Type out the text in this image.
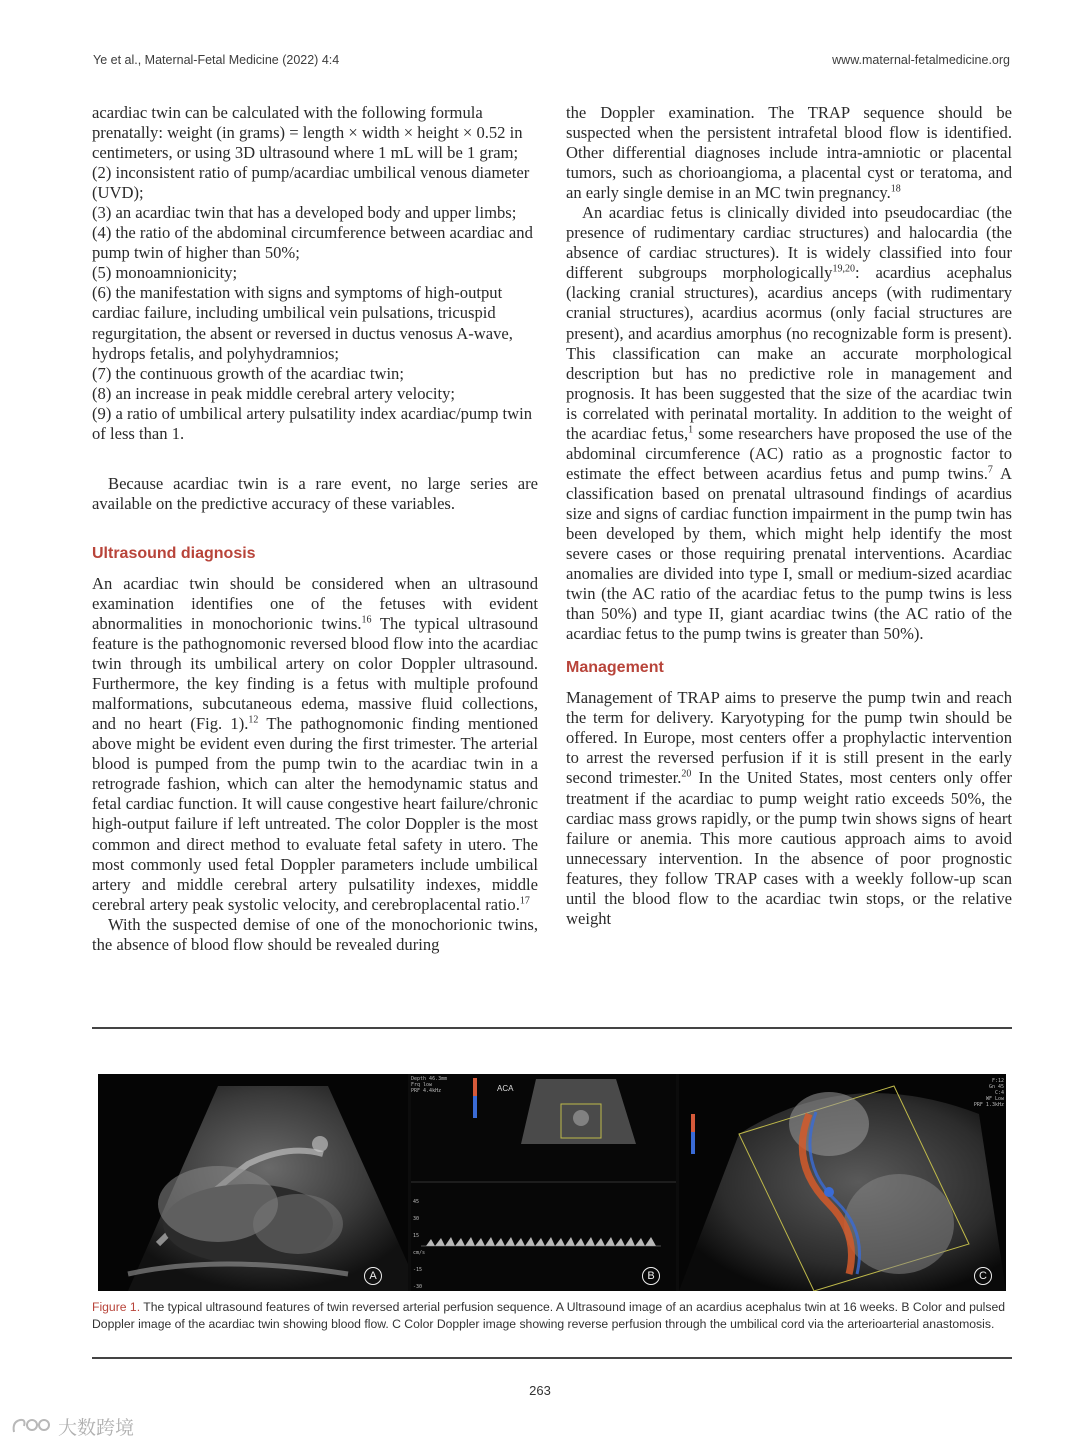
Ye et al., Maternal-Fetal Medicine (2022) 4:4	www.maternal-fetalmedicine.org

acardiac twin can be calculated with the following formula prenatally: weight (in grams) = length × width × height × 0.52 in centimeters, or using 3D ultrasound where 1 mL will be 1 gram;

(2) inconsistent ratio of pump/acardiac umbilical venous diameter (UVD);

(3) an acardiac twin that has a developed body and upper limbs;

(4) the ratio of the abdominal circumference between acardiac and pump twin of higher than 50%;

(5) monoamnionicity;

(6) the manifestation with signs and symptoms of high-output cardiac failure, including umbilical vein pulsations, tricuspid regurgitation, the absent or reversed in ductus venosus A-wave, hydrops fetalis, and polyhydramnios;

(7) the continuous growth of the acardiac twin;

(8) an increase in peak middle cerebral artery velocity;

(9) a ratio of umbilical artery pulsatility index acardiac/pump twin of less than 1.

Because acardiac twin is a rare event, no large series are available on the predictive accuracy of these variables.

Ultrasound diagnosis

An acardiac twin should be considered when an ultrasound examination identifies one of the fetuses with evident abnormalities in monochorionic twins.$^{16}$ The typical ultrasound feature is the pathognomonic reversed blood flow into the acardiac twin through its umbilical artery on color Doppler ultrasound. Furthermore, the key finding is a fetus with multiple profound malformations, subcutaneous edema, massive fluid collections, and no heart (Fig. 1).$^{12}$ The pathognomonic finding mentioned above might be evident even during the first trimester. The arterial blood is pumped from the pump twin to the acardiac twin in a retrograde fashion, which can alter the hemodynamic status and fetal cardiac function. It will cause congestive heart failure/chronic high-output failure if left untreated. The color Doppler is the most common and direct method to evaluate fetal safety in utero. The most commonly used fetal Doppler parameters include umbilical artery and middle cerebral artery pulsatility indexes, middle cerebral artery peak systolic velocity, and cerebroplacental ratio.$^{17}$

With the suspected demise of one of the monochorionic twins, the absence of blood flow should be revealed during

the Doppler examination. The TRAP sequence should be suspected when the persistent intrafetal blood flow is identified. Other differential diagnoses include intra-amniotic or placental tumors, such as chorioangioma, a placental cyst or teratoma, and an early single demise in an MC twin pregnancy.$^{18}$

An acardiac fetus is clinically divided into pseudocardiac (the presence of rudimentary cardiac structures) and halocardia (the absence of cardiac structures). It is widely classified into four different subgroups morphologically$^{19,20}$: acardius acephalus (lacking cranial structures), acardius anceps (with rudimentary cranial structures), acardius acormus (only facial structures are present), and acardius amorphus (no recognizable form is present). This classification can make an accurate morphological description but has no predictive role in management and prognosis. It has been suggested that the size of the acardiac twin is correlated with perinatal mortality. In addition to the weight of the acardiac fetus,$^1$ some researchers have proposed the use of the abdominal circumference (AC) ratio as a prognostic factor to estimate the effect between acardius fetus and pump twins.$^7$ A classification based on prenatal ultrasound findings of acardius size and signs of cardiac function impairment in the pump twin has been developed by them, which might help identify the most severe cases or those requiring prenatal interventions. Acardiac anomalies are divided into type I, small or medium-sized acardiac twin (the AC ratio of the acardiac fetus to the pump twins is less than 50%) and type II, giant acardiac twins (the AC ratio of the acardiac fetus to the pump twins is greater than 50%).

Management

Management of TRAP aims to preserve the pump twin and reach the term for delivery. Karyotyping for the pump twin should be offered. In Europe, most centers offer a prophylactic intervention to arrest the reversed perfusion if it is still present in the early second trimester.$^{20}$ In the United States, most centers only offer treatment if the acardiac to pump weight ratio exceeds 50%, the cardiac mass grows rapidly, or the pump twin shows signs of heart failure or anemia. This more cautious approach aims to avoid unnecessary intervention. In the absence of poor prognostic features, they follow TRAP cases with a weekly follow-up scan until the blood flow to the acardiac twin stops, or the relative weight

A
ACA
Depth 46.3mm
Frq low
PRF 4.4kHz
45
30
15
cm/s
-15
-30
B
F:12
Gn 45
C:4
WF Low
PRF 1.3kHz
C
Figure 1. The typical ultrasound features of twin reversed arterial perfusion sequence. A Ultrasound image of an acardius acephalus twin at 16 weeks. B Color and pulsed Doppler image of the acardiac twin showing blood flow. C Color Doppler image showing reverse perfusion through the umbilical cord via the arterioarterial anastomosis.
263
大数跨境
